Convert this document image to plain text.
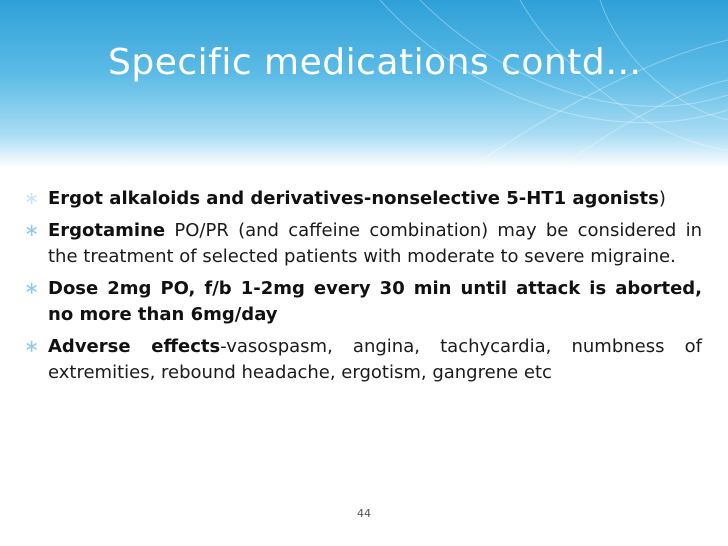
Specific medications contd…
∗ Ergot alkaloids and derivatives-nonselective 5-HT1 agonists)
∗ Ergotamine PO/PR (and caffeine combination) may be considered in the treatment of selected patients with moderate to severe migraine.
∗ Dose 2mg PO, f/b 1-2mg every 30 min until attack is aborted, no more than 6mg/day
∗ Adverse effects-vasospasm, angina, tachycardia, numbness of extremities, rebound headache, ergotism, gangrene etc
44
